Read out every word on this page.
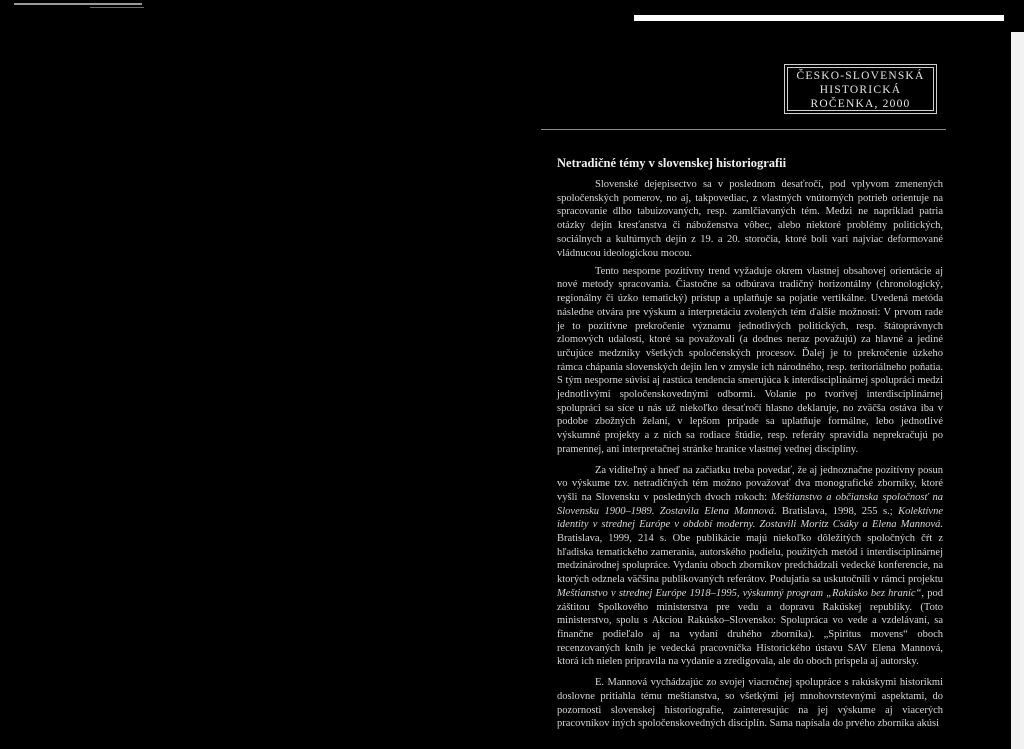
ČESKO-SLOVENSKÁ
HISTORICKÁ
ROČENKA, 2000
Netradičné témy v slovenskej historiografii

Slovenské dejepisectvo sa v poslednom desaťročí, pod vplyvom zmenených spoločenských pomerov, no aj, takpovediac, z vlastných vnútorných potrieb orientuje na spracovanie dlho tabuizovaných, resp. zamlčiavaných tém. Medzi ne napríklad patria otázky dejín kresťanstva či náboženstva vôbec, alebo niektoré problémy politických, sociálnych a kultúrnych dejín z 19. a 20. storočia, ktoré boli vari najviac deformované vládnucou ideologickou mocou.

Tento nesporne pozitívny trend vyžaduje okrem vlastnej obsahovej orientácie aj nové metody spracovania. Čiastočne sa odbúrava tradičný horizontálny (chronologický, regionálny či úzko tematický) prístup a uplatňuje sa pojatie vertikálne. Uvedená metóda následne otvára pre výskum a interpretáciu zvolených tém ďalšie možnosti: V prvom rade je to pozitívne prekročenie významu jednotlivých politických, resp. štátoprávnych zlomových udalostí, ktoré sa považovali (a dodnes neraz považujú) za hlavné a jediné určujúce medzníky všetkých spoločenských procesov. Ďalej je to prekročenie úzkeho rámca chápania slovenských dejín len v zmysle ich národného, resp. teritoriálneho poňatia. S tým nesporne súvisí aj rastúca tendencia smerujúca k interdisciplinárnej spolupráci medzi jednotlivými spoločenskovednými odbormi. Volanie po tvorivej interdisciplinárnej spolupráci sa síce u nás už niekoľko desaťročí hlasno deklaruje, no zväčša ostáva iba v podobe zbožných želaní, v lepšom prípade sa uplatňuje formálne, lebo jednotlivé výskumné projekty a z nich sa rodiace štúdie, resp. referáty spravidla neprekračujú po pramennej, ani interpretačnej stránke hranice vlastnej vednej disciplíny.

Za viditeľný a hneď na začiatku treba povedať, že aj jednoznačne pozitívny posun vo výskume tzv. netradičných tém možno považovať dva monografické zborníky, ktoré vyšli na Slovensku v posledných dvoch rokoch: Meštianstvo a občianska spoločnosť na Slovensku 1900–1989. Zostavila Elena Mannová. Bratislava, 1998, 255 s.; Kolektívne identity v strednej Európe v období moderny. Zostavili Moritz Csáky a Elena Mannová. Bratislava, 1999, 214 s. Obe publikácie majú niekoľko dôležitých spoločných čŕt z hľadiska tematického zamerania, autorského podielu, použitých metód i interdisciplinárnej medzinárodnej spolupráce. Vydaniu oboch zborníkov predchádzali vedecké konferencie, na ktorých odznela väčšina publikovaných referátov. Podujatia sa uskutočnili v rámci projektu Meštianstvo v strednej Európe 1918–1995, výskumný program „Rakúsko bez hraníc“, pod záštitou Spolkového ministerstva pre vedu a dopravu Rakúskej republiky. (Toto ministerstvo, spolu s Akciou Rakúsko–Slovensko: Spolupráca vo vede a vzdelávaní, sa finančne podieľalo aj na vydaní druhého zborníka). „Spiritus movens“ oboch recenzovaných kníh je vedecká pracovníčka Historického ústavu SAV Elena Mannová, ktorá ich nielen pripravila na vydanie a zredigovala, ale do oboch prispela aj autorsky.

E. Mannová vychádzajúc zo svojej viacročnej spolupráce s rakúskymi historikmi doslovne pritiahla tému meštianstva, so všetkými jej mnohovrstevnými aspektami, do pozornosti slovenskej historiografie, zainteresujúc na jej výskume aj viacerých pracovníkov iných spoločenskovedných disciplín. Sama napísala do prvého zborníka akúsi
